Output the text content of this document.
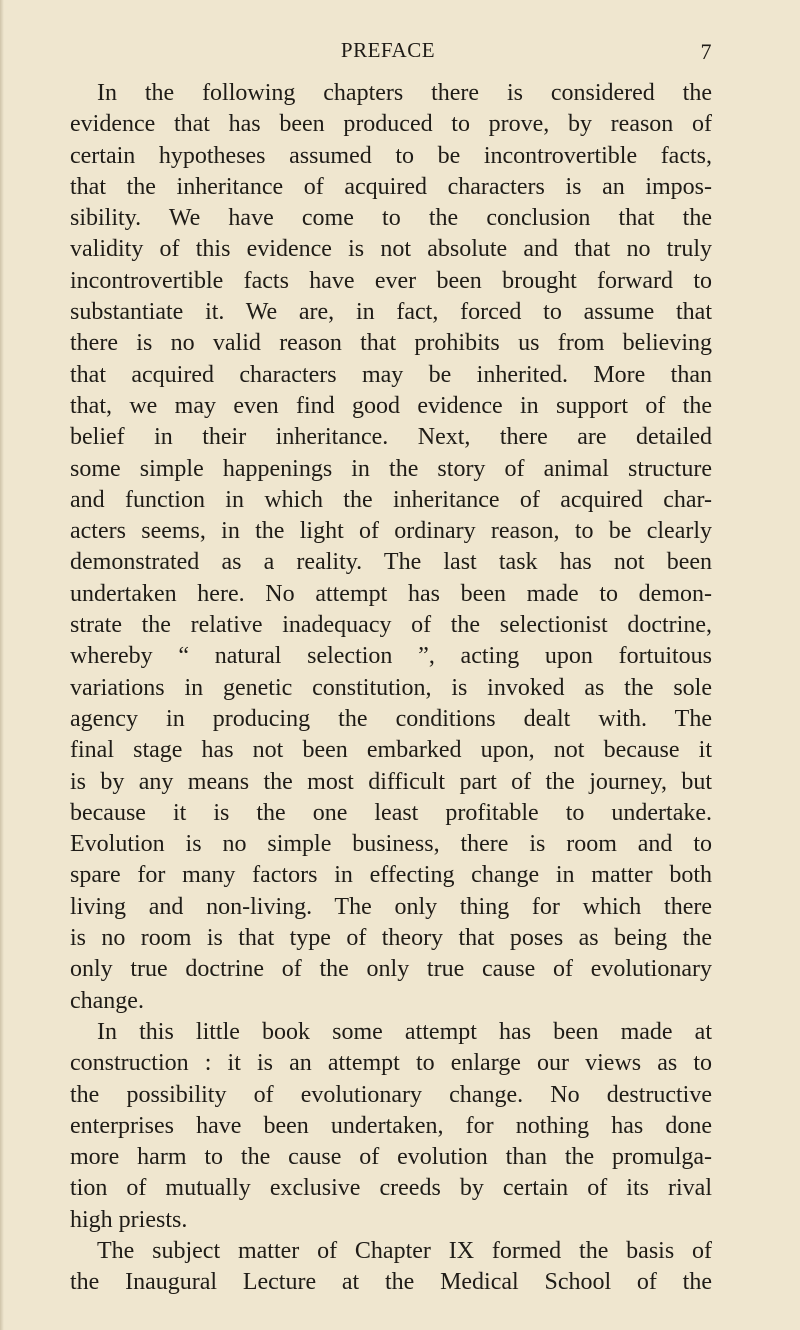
PREFACE	7
In the following chapters there is considered the
evidence that has been produced to prove, by reason of
certain hypotheses assumed to be incontrovertible facts,
that the inheritance of acquired characters is an impos-
sibility. We have come to the conclusion that the
validity of this evidence is not absolute and that no truly
incontrovertible facts have ever been brought forward to
substantiate it. We are, in fact, forced to assume that
there is no valid reason that prohibits us from believing
that acquired characters may be inherited. More than
that, we may even find good evidence in support of the
belief in their inheritance. Next, there are detailed
some simple happenings in the story of animal structure
and function in which the inheritance of acquired char-
acters seems, in the light of ordinary reason, to be clearly
demonstrated as a reality. The last task has not been
undertaken here. No attempt has been made to demon-
strate the relative inadequacy of the selectionist doctrine,
whereby “ natural selection ”, acting upon fortuitous
variations in genetic constitution, is invoked as the sole
agency in producing the conditions dealt with. The
final stage has not been embarked upon, not because it
is by any means the most difficult part of the journey, but
because it is the one least profitable to undertake.
Evolution is no simple business, there is room and to
spare for many factors in effecting change in matter both
living and non-living. The only thing for which there
is no room is that type of theory that poses as being the
only true doctrine of the only true cause of evolutionary
change.
In this little book some attempt has been made at
construction : it is an attempt to enlarge our views as to
the possibility of evolutionary change. No destructive
enterprises have been undertaken, for nothing has done
more harm to the cause of evolution than the promulga-
tion of mutually exclusive creeds by certain of its rival
high priests.
The subject matter of Chapter IX formed the basis of
the Inaugural Lecture at the Medical School of the
